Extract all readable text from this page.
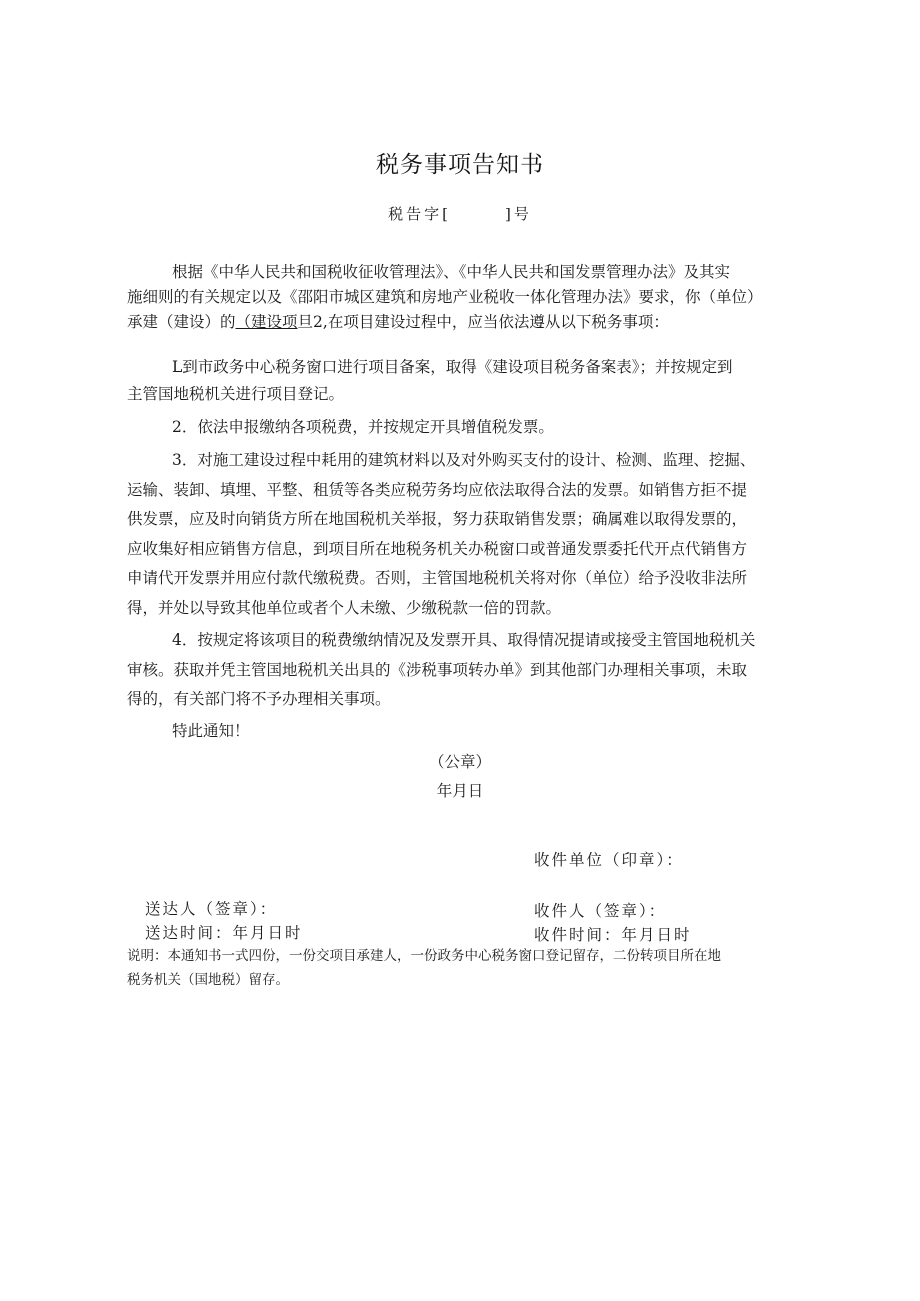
税务事项告知书
税告字[　　　]号
根据《中华人民共和国税收征收管理法》、《中华人民共和国发票管理办法》及其实
施细则的有关规定以及《邵阳市城区建筑和房地产业税收一体化管理办法》要求，你（单位）
承建（建设）的（建设项旦2,在项目建设过程中，应当依法遵从以下税务事项：
L到市政务中心税务窗口进行项目备案，取得《建设项目税务备案表》；并按规定到
主管国地税机关进行项目登记。
2．依法申报缴纳各项税费，并按规定开具增值税发票。
3．对施工建设过程中耗用的建筑材料以及对外购买支付的设计、检测、监理、挖掘、
运输、装卸、填埋、平整、租赁等各类应税劳务均应依法取得合法的发票。如销售方拒不提
供发票，应及时向销货方所在地国税机关举报，努力获取销售发票；确属难以取得发票的，
应收集好相应销售方信息，到项目所在地税务机关办税窗口或普通发票委托代开点代销售方
申请代开发票并用应付款代缴税费。否则，主管国地税机关将对你（单位）给予没收非法所
得，并处以导致其他单位或者个人未缴、少缴税款一倍的罚款。
4．按规定将该项目的税费缴纳情况及发票开具、取得情况提请或接受主管国地税机关
审核。获取并凭主管国地税机关出具的《涉税事项转办单》到其他部门办理相关事项，未取
得的，有关部门将不予办理相关事项。
特此通知！
（公章）
年月日
收件单位（印章）：
送达人（签章）：
送达时间：年月日时
收件人（签章）：
收件时间：年月日时
说明：本通知书一式四份，一份交项目承建人，一份政务中心税务窗口登记留存，二份转项目所在地
税务机关（国地税）留存。
